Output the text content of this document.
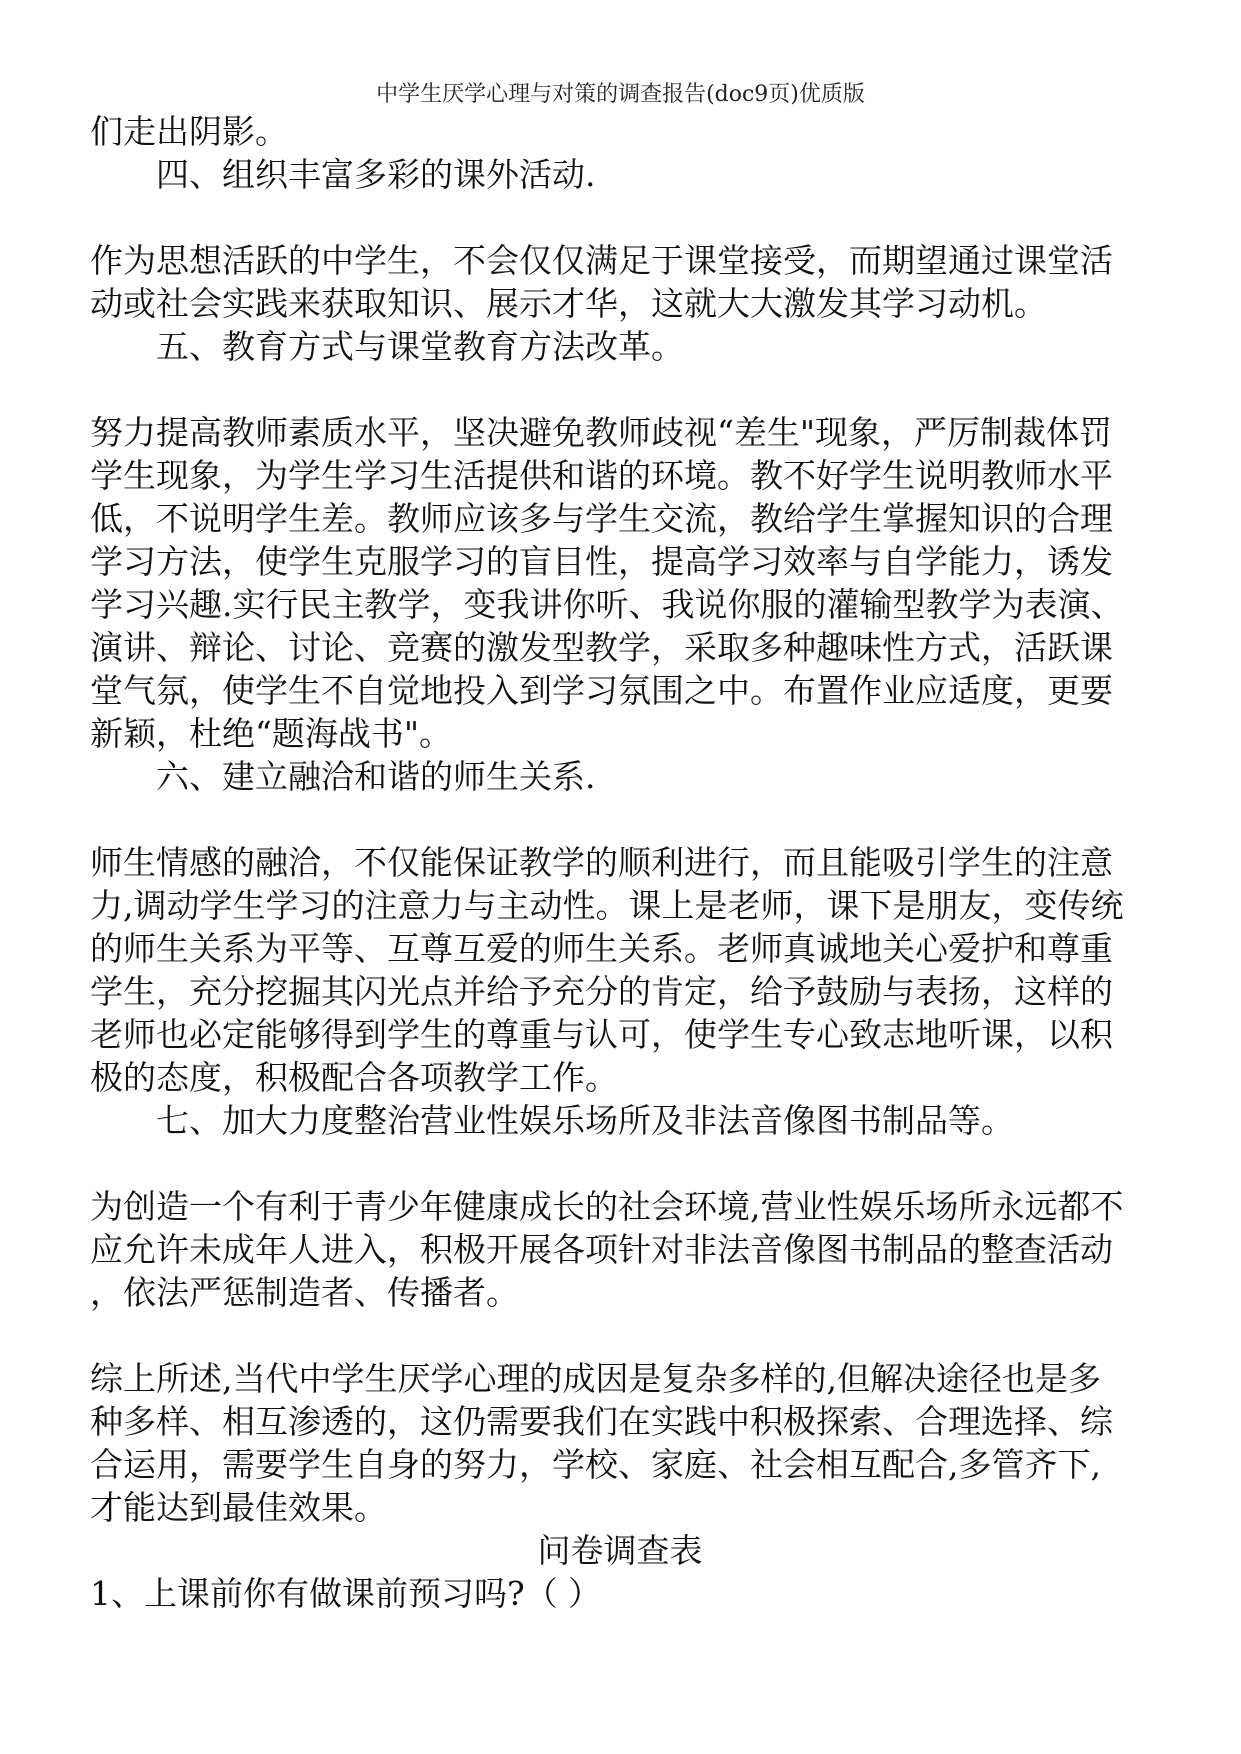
中学生厌学心理与对策的调查报告(doc9页)优质版

们走出阴影。

四、组织丰富多彩的课外活动.

作为思想活跃的中学生，不会仅仅满足于课堂接受，而期望通过课堂活

动或社会实践来获取知识、展示才华，这就大大激发其学习动机。

五、教育方式与课堂教育方法改革。

努力提高教师素质水平，坚决避免教师歧视“差生"现象，严厉制裁体罚

学生现象，为学生学习生活提供和谐的环境。教不好学生说明教师水平

低，不说明学生差。教师应该多与学生交流，教给学生掌握知识的合理

学习方法，使学生克服学习的盲目性，提高学习效率与自学能力，诱发

学习兴趣.实行民主教学，变我讲你听、我说你服的灌输型教学为表演、

演讲、辩论、讨论、竞赛的激发型教学，采取多种趣味性方式，活跃课

堂气氛，使学生不自觉地投入到学习氛围之中。布置作业应适度，更要

新颖，杜绝“题海战书"。

六、建立融洽和谐的师生关系.

师生情感的融洽，不仅能保证教学的顺利进行，而且能吸引学生的注意

力,调动学生学习的注意力与主动性。课上是老师，课下是朋友，变传统

的师生关系为平等、互尊互爱的师生关系。老师真诚地关心爱护和尊重

学生，充分挖掘其闪光点并给予充分的肯定，给予鼓励与表扬，这样的

老师也必定能够得到学生的尊重与认可，使学生专心致志地听课，以积

极的态度，积极配合各项教学工作。

七、加大力度整治营业性娱乐场所及非法音像图书制品等。

为创造一个有利于青少年健康成长的社会环境,营业性娱乐场所永远都不

应允许未成年人进入，积极开展各项针对非法音像图书制品的整查活动

，依法严惩制造者、传播者。

综上所述,当代中学生厌学心理的成因是复杂多样的,但解决途径也是多

种多样、相互渗透的，这仍需要我们在实践中积极探索、合理选择、综

合运用，需要学生自身的努力，学校、家庭、社会相互配合,多管齐下,

才能达到最佳效果。

问卷调查表

1、上课前你有做课前预习吗?（ ）
